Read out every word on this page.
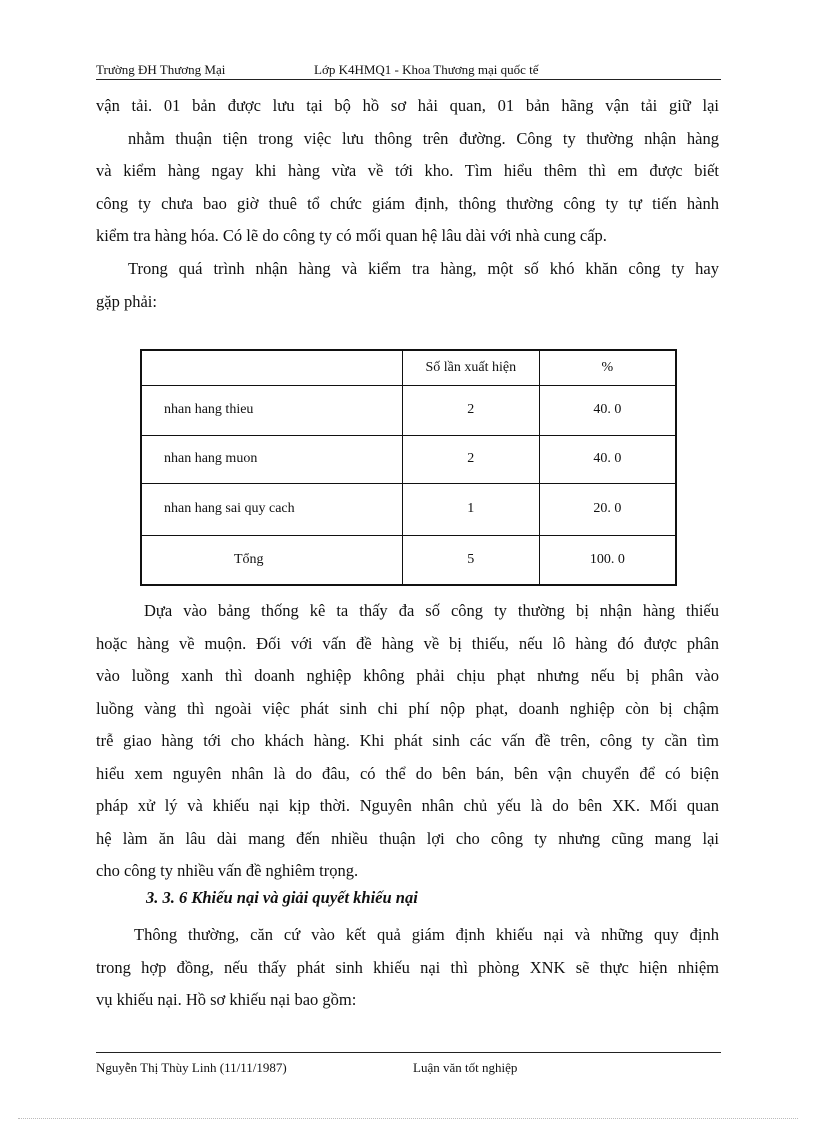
Trường ĐH Thương Mại	Lớp K4HMQ1 - Khoa Thương mại quốc tế
vận tải. 01 bản được lưu tại bộ hồ sơ hải quan, 01 bản hãng vận tải giữ lại
nhằm thuận tiện trong việc lưu thông trên đường. Công ty thường nhận hàng
và kiểm hàng ngay khi hàng vừa về tới kho. Tìm hiểu thêm thì em được biết
công ty chưa bao giờ thuê tổ chức giám định, thông thường công ty tự tiến hành
kiểm tra hàng hóa. Có lẽ do công ty có mối quan hệ lâu dài với nhà cung cấp.
Trong quá trình nhận hàng và kiểm tra hàng, một số khó khăn công ty hay
gặp phải:
	Số lần xuất hiện	%
nhan hang thieu	2	40. 0
nhan hang muon	2	40. 0
nhan hang sai quy cach	1	20. 0
Tổng	5	100. 0
Dựa vào bảng thống kê ta thấy đa số công ty thường bị nhận hàng thiếu
hoặc hàng về muộn. Đối với vấn đề hàng về bị thiếu, nếu lô hàng đó được phân
vào luồng xanh thì doanh nghiệp không phải chịu phạt nhưng nếu bị phân vào
luồng vàng thì ngoài việc phát sinh chi phí nộp phạt, doanh nghiệp còn bị chậm
trễ giao hàng tới cho khách hàng. Khi phát sinh các vấn đề trên, công ty cần tìm
hiểu xem nguyên nhân là do đâu, có thể do bên bán, bên vận chuyển để có biện
pháp xử lý và khiếu nại kịp thời. Nguyên nhân chủ yếu là do bên XK. Mối quan
hệ làm ăn lâu dài mang đến nhiều thuận lợi cho công ty nhưng cũng mang lại
cho công ty nhiều vấn đề nghiêm trọng.

3. 3. 6 Khiếu nại và giải quyết khiếu nại

Thông thường, căn cứ vào kết quả giám định khiếu nại và những quy định
trong hợp đồng, nếu thấy phát sinh khiếu nại thì phòng XNK sẽ thực hiện nhiệm
vụ khiếu nại. Hồ sơ khiếu nại bao gồm:
Nguyễn Thị Thùy Linh (11/11/1987)	Luận văn tốt nghiệp
